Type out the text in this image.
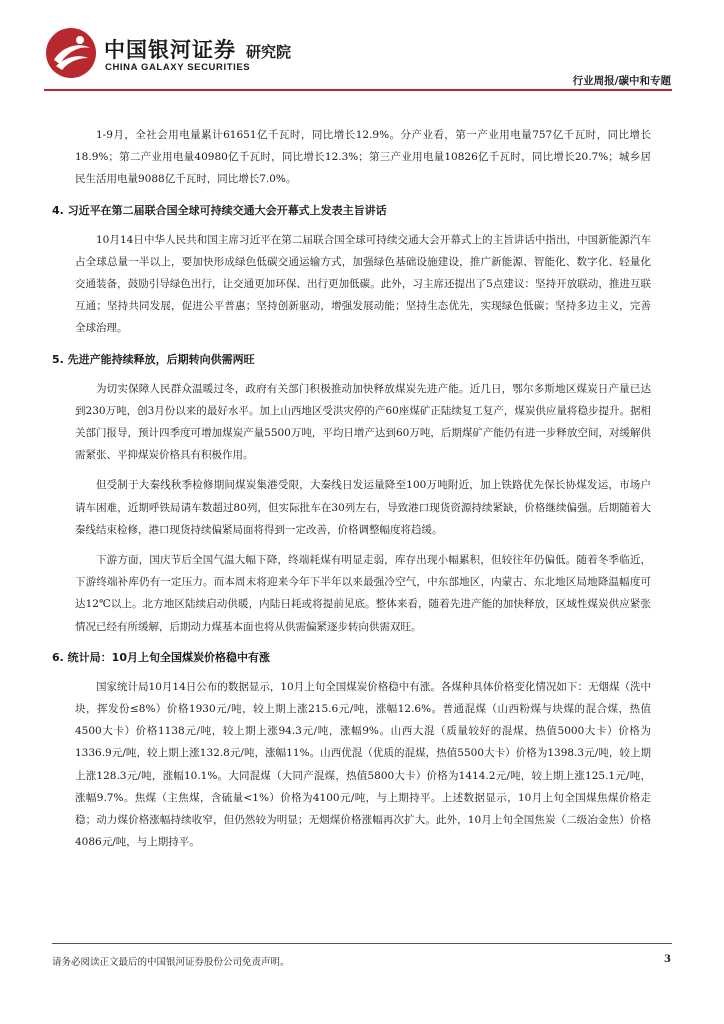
中国银河证券
CHINA GALAXY SECURITIES
研究院
行业周报/碳中和专题

1-9月，全社会用电量累计61651亿千瓦时，同比增长12.9%。分产业看，第一产业用电量757亿千瓦时，同比增长18.9%；第二产业用电量40980亿千瓦时，同比增长12.3%；第三产业用电量10826亿千瓦时，同比增长20.7%；城乡居民生活用电量9088亿千瓦时，同比增长7.0%。

4. 习近平在第二届联合国全球可持续交通大会开幕式上发表主旨讲话

10月14日中华人民共和国主席习近平在第二届联合国全球可持续交通大会开幕式上的主旨讲话中指出，中国新能源汽车占全球总量一半以上，要加快形成绿色低碳交通运输方式，加强绿色基础设施建设，推广新能源、智能化、数字化、轻量化交通装备，鼓励引导绿色出行，让交通更加环保、出行更加低碳。此外，习主席还提出了5点建议：坚持开放联动，推进互联互通；坚持共同发展，促进公平普惠；坚持创新驱动，增强发展动能；坚持生态优先，实现绿色低碳；坚持多边主义，完善全球治理。

5. 先进产能持续释放，后期转向供需两旺

为切实保障人民群众温暖过冬，政府有关部门积极推动加快释放煤炭先进产能。近几日，鄂尔多斯地区煤炭日产量已达到230万吨，创3月份以来的最好水平。加上山西地区受洪灾停的产60座煤矿正陆续复工复产，煤炭供应量将稳步提升。据相关部门报导，预计四季度可增加煤炭产量5500万吨，平均日增产达到60万吨，后期煤矿产能仍有进一步释放空间，对缓解供需紧张、平抑煤炭价格具有积极作用。

但受制于大秦线秋季检修期间煤炭集港受限，大秦线日发运量降至100万吨附近，加上铁路优先保长协煤发运，市场户请车困难，近期呼铁局请车数超过80列，但实际批车在30列左右，导致港口现货资源持续紧缺，价格继续偏强。后期随着大秦线结束检修，港口现货持续偏紧局面将得到一定改善，价格调整幅度将趋缓。

下游方面，国庆节后全国气温大幅下降，终端耗煤有明显走弱，库存出现小幅累积，但较往年仍偏低。随着冬季临近，下游终端补库仍有一定压力。而本周末将迎来今年下半年以来最强冷空气，中东部地区，内蒙古、东北地区局地降温幅度可达12℃以上。北方地区陆续启动供暖，内陆日耗或将提前见底。整体来看，随着先进产能的加快释放，区域性煤炭供应紧张情况已经有所缓解，后期动力煤基本面也将从供需偏紧逐步转向供需双旺。

6. 统计局：10月上旬全国煤炭价格稳中有涨

国家统计局10月14日公布的数据显示，10月上旬全国煤炭价格稳中有涨。各煤种具体价格变化情况如下：无烟煤（洗中块，挥发份≤8%）价格1930元/吨，较上期上涨215.6元/吨，涨幅12.6%。普通混煤（山西粉煤与块煤的混合煤，热值4500大卡）价格1138元/吨，较上期上涨94.3元/吨，涨幅9%。山西大混（质量较好的混煤，热值5000大卡）价格为1336.9元/吨，较上期上涨132.8元/吨，涨幅11%。山西优混（优质的混煤，热值5500大卡）价格为1398.3元/吨，较上期上涨128.3元/吨，涨幅10.1%。大同混煤（大同产混煤，热值5800大卡）价格为1414.2元/吨，较上期上涨125.1元/吨，涨幅9.7%。焦煤（主焦煤，含硫量<1%）价格为4100元/吨，与上期持平。上述数据显示，10月上旬全国煤焦煤价格走稳；动力煤价格涨幅持续收窄，但仍然较为明显；无烟煤价格涨幅再次扩大。此外，10月上旬全国焦炭（二级冶金焦）价格4086元/吨，与上期持平。

请务必阅读正文最后的中国银河证券股份公司免责声明。	3
